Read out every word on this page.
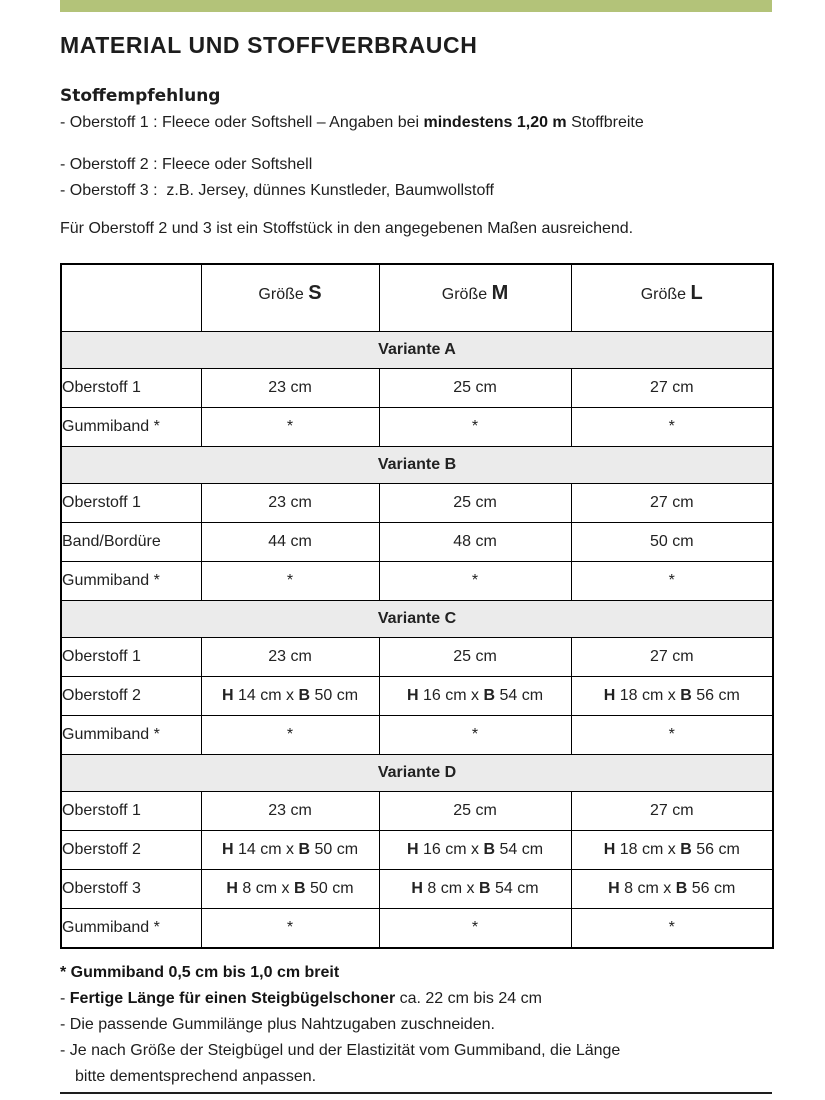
MATERIAL UND STOFFVERBRAUCH
Stoffempfehlung
- Oberstoff 1 : Fleece oder Softshell – Angaben bei mindestens 1,20 m Stoffbreite
- Oberstoff 2 : Fleece oder Softshell
- Oberstoff 3 :  z.B. Jersey, dünnes Kunstleder, Baumwollstoff
Für Oberstoff 2 und 3 ist ein Stoffstück in den angegebenen Maßen ausreichend.
	Größe S	Größe M	Größe L
Variante A			
Oberstoff 1	23 cm	25 cm	27 cm
Gummiband *	*	*	*
Variante B			
Oberstoff 1	23 cm	25 cm	27 cm
Band/Bordüre	44 cm	48 cm	50 cm
Gummiband *	*	*	*
Variante C			
Oberstoff 1	23 cm	25 cm	27 cm
Oberstoff 2	H 14 cm x B 50 cm	H 16 cm x B 54 cm	H 18 cm x B 56 cm
Gummiband *	*	*	*
Variante D			
Oberstoff 1	23 cm	25 cm	27 cm
Oberstoff 2	H 14 cm x B 50 cm	H 16 cm x B 54 cm	H 18 cm x B 56 cm
Oberstoff 3	H 8 cm x B 50 cm	H 8 cm x B 54 cm	H 8 cm x B 56 cm
Gummiband *	*	*	*
* Gummiband 0,5 cm bis 1,0 cm breit
- Fertige Länge für einen Steigbügelschoner ca. 22 cm bis 24 cm
- Die passende Gummilänge plus Nahtzugaben zuschneiden.
- Je nach Größe der Steigbügel und der Elastizität vom Gummiband, die Länge
bitte dementsprechend anpassen.
